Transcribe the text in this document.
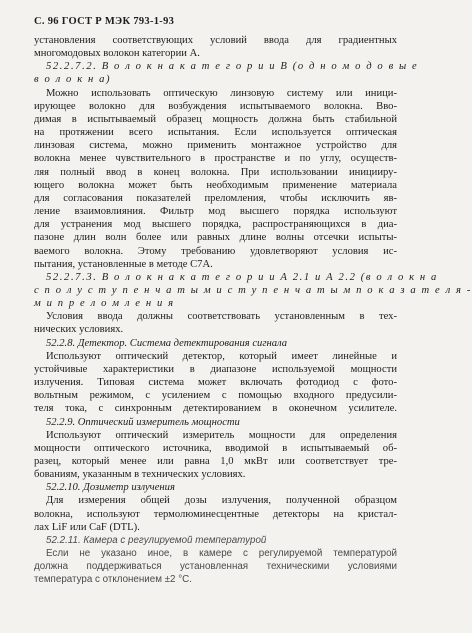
С. 96 ГОСТ Р МЭК 793-1-93
установления соответствующих условий ввода для градиентных
многомодовых волокон категории А.
52.2.7.2. В о л о к н а к а т е г о р и и В (о д н о м о д о в ы е
в о л о к н а)
Можно использовать оптическую линзовую систему или иници-
ирующее волокно для возбуждения испытываемого волокна. Вво-
димая в испытываемый образец мощность должна быть стабильной
на протяжении всего испытания. Если используется оптическая
линзовая система, можно применить монтажное устройство для
волокна менее чувствительного в пространстве и по углу, осуществ-
ляя полный ввод в конец волокна. При использовании иницииру-
ющего волокна может быть необходимым применение материала
для согласования показателей преломления, чтобы исключить яв-
ление взаимовлияния. Фильтр мод высшего порядка используют
для устранения мод высшего порядка, распространяющихся в диа-
пазоне длин волн более или равных длине волны отсечки испыты-
ваемого волокна. Этому требованию удовлетворяют условия ис-
пытания, установленные в методе С7А.
52.2.7.3. В о л о к н а к а т е г о р и и А 2.1 и А 2.2 (в о л о к н а
с п о л у с т у п е н ч а т ы м и с т у п е н ч а т ы м п о к а з а т е л я -
м и п р е л о м л е н и я
Условия ввода должны соответствовать установленным в тех-
нических условиях.
52.2.8. Детектор. Система детектирования сигнала
Используют оптический детектор, который имеет линейные и
устойчивые характеристики в диапазоне используемой мощности
излучения. Типовая система может включать фотодиод с фото-
вольтным режимом, с усилением с помощью входного предусили-
теля тока, с синхронным детектированием в оконечном усилителе.
52.2.9. Оптический измеритель мощности
Используют оптический измеритель мощности для определения
мощности оптического источника, вводимой в испытываемый об-
разец, который менее или равна 1,0 мкВт или соответствует тре-
бованиям, указанным в технических условиях.
52.2.10. Дозиметр излучения
Для измерения общей дозы излучения, полученной образцом
волокна, используют термолюминесцентные детекторы на кристал-
лах LiF или CaF (DTL).
52.2.11. Камера с регулируемой температурой
Если не указано иное, в камере с регулируемой температурой
должна поддерживаться установленная техническими условиями
температура с отклонением ±2 °С.
